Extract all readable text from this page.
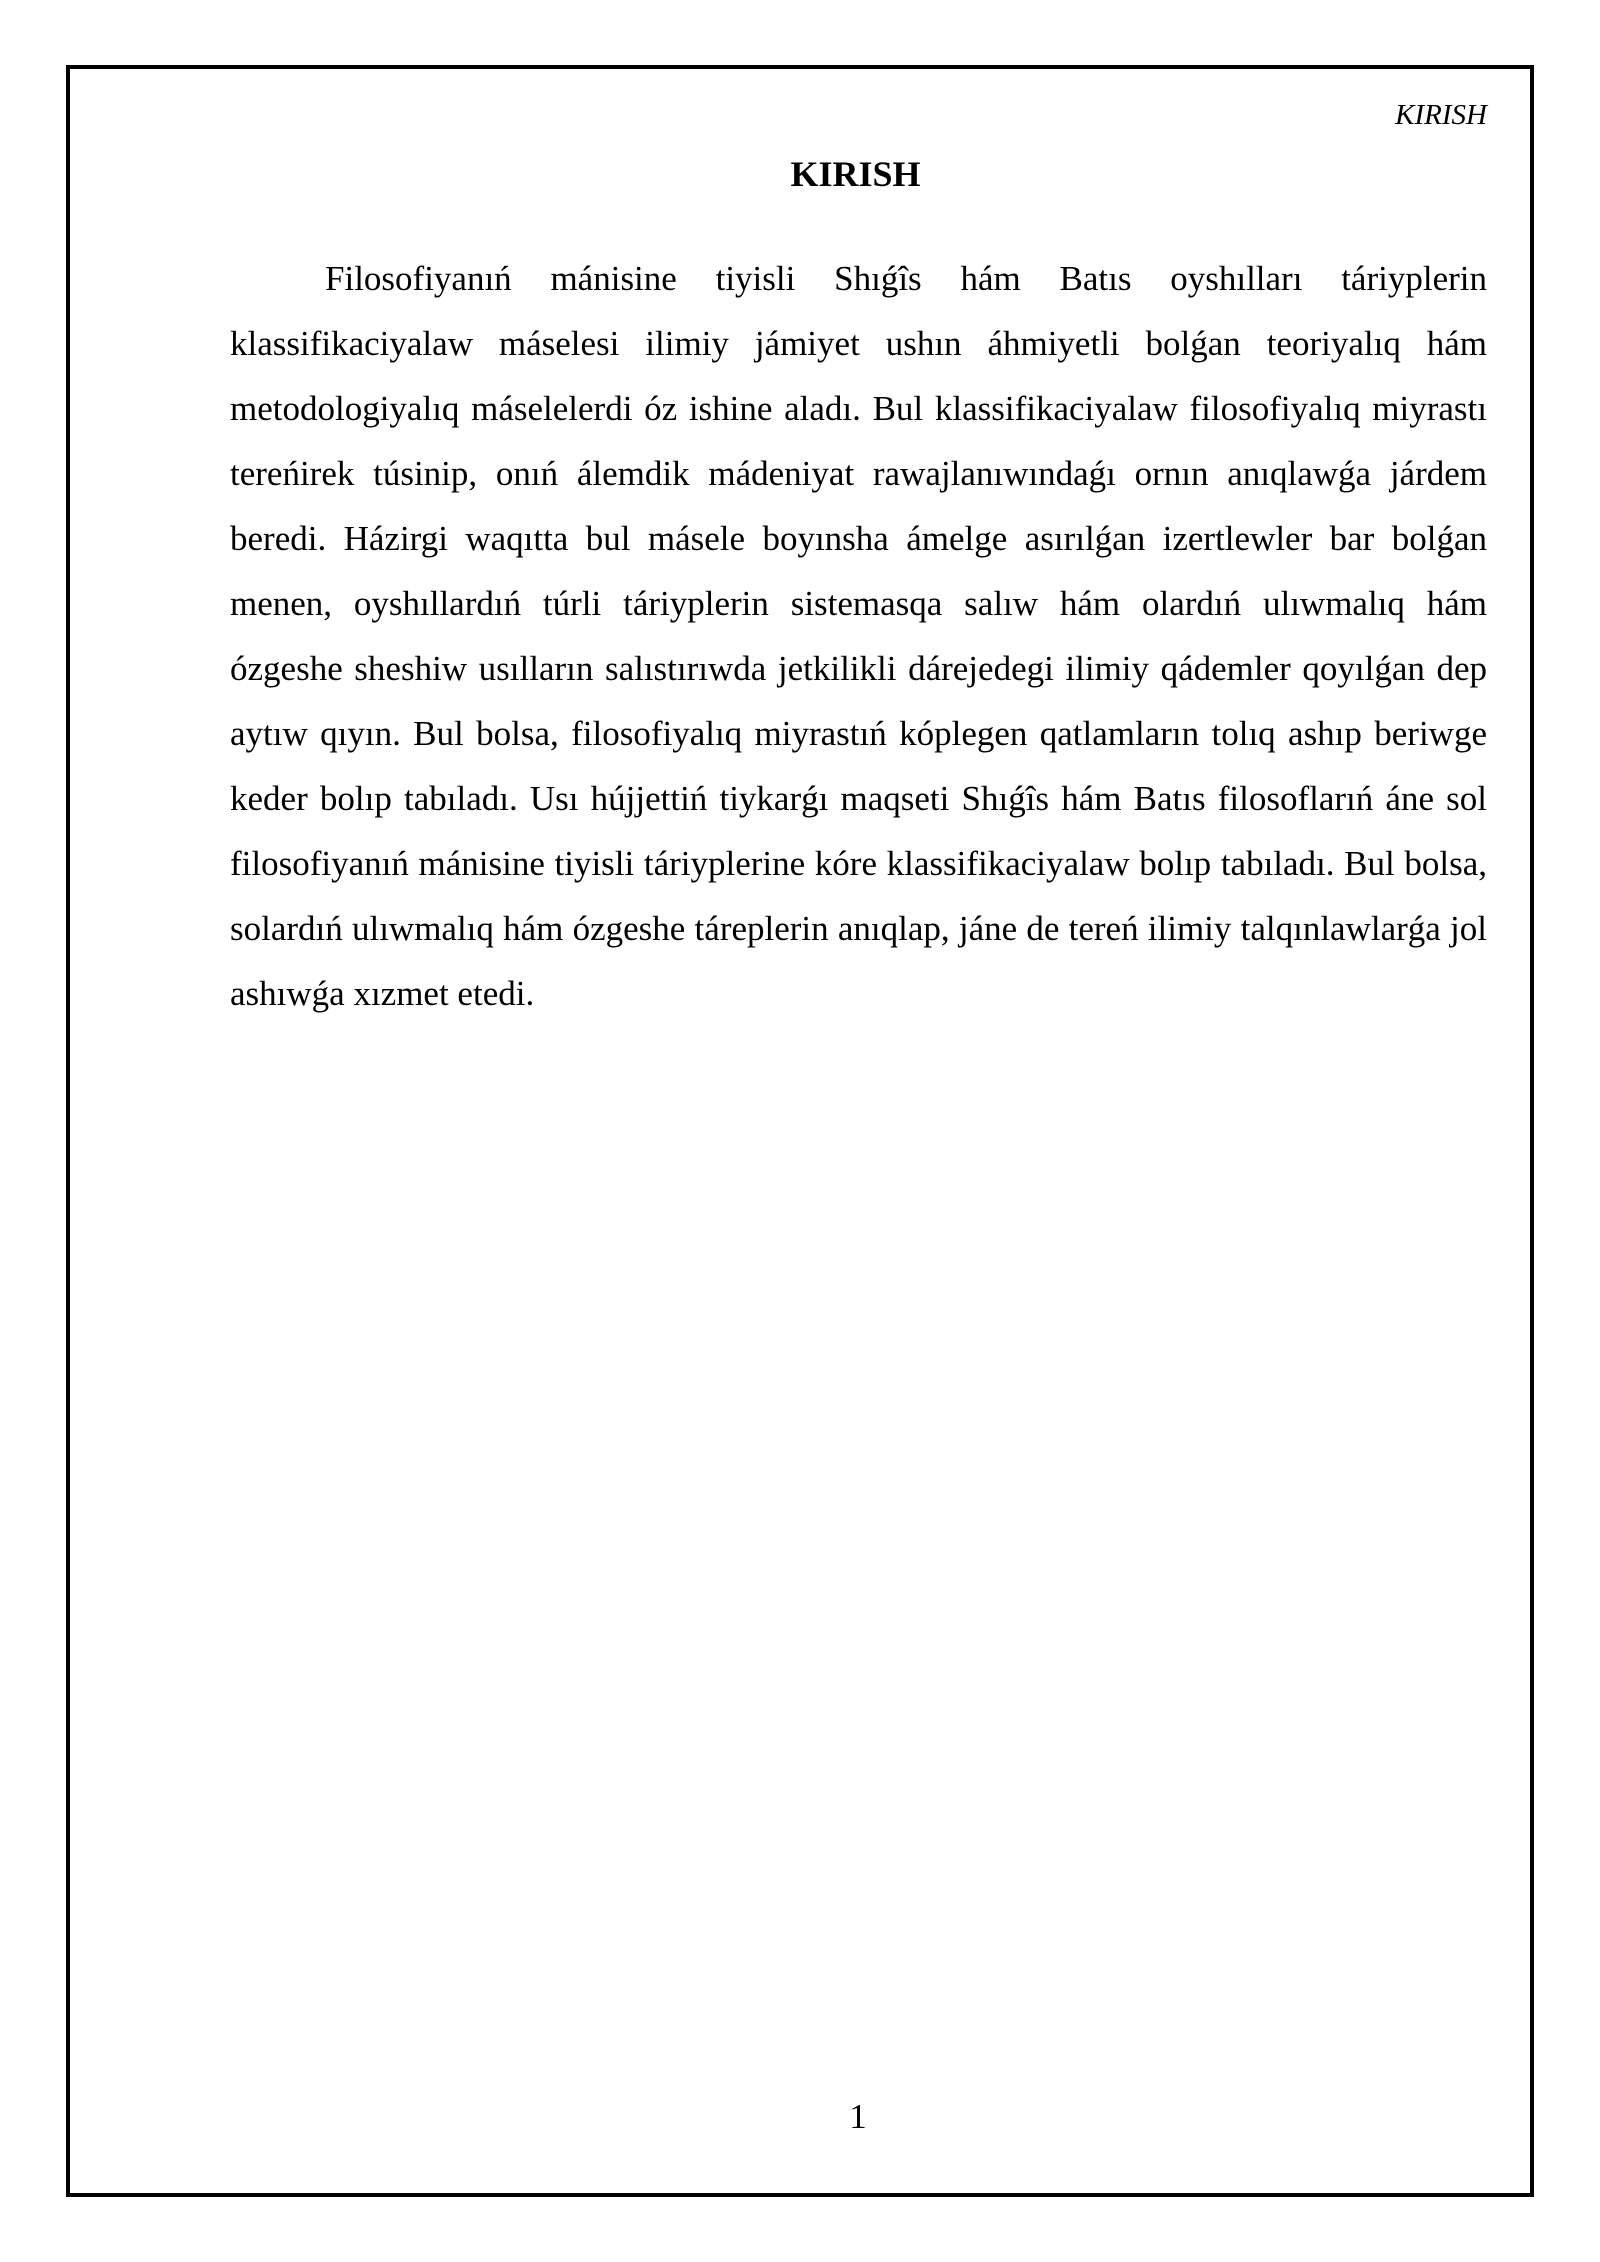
KIRISH
KIRISH

Filosofiyanıń mánisine tiyisli Shıǵîs hám Batıs oyshılları táriyplerin klassifikaciyalaw máselesi ilimiy jámiyet ushın áhmiyetli bolǵan teoriyalıq hám metodologiyalıq máselelerdi óz ishine aladı. Bul klassifikaciyalaw filosofiyalıq miyrastı tereńirek túsinip, onıń álemdik mádeniyat rawajlanıwındaǵı ornın anıqlawǵa járdem beredi. Házirgi waqıtta bul másele boyınsha ámelge asırılǵan izertlewler bar bolǵan menen, oyshıllardıń túrli táriyplerin sistemasqa salıw hám olardıń ulıwmalıq hám ózgeshe sheshiw usılların salıstırıwda jetkilikli dárejedegi ilimiy qádemler qoyılǵan dep aytıw qıyın. Bul bolsa, filosofiyalıq miyrastıń kóplegen qatlamların tolıq ashıp beriwge keder bolıp tabıladı. Usı hújjettiń tiykarǵı maqseti Shıǵîs hám Batıs filosoflarıń áne sol filosofiyanıń mánisine tiyisli táriyplerine kóre klassifikaciyalaw bolıp tabıladı. Bul bolsa, solardıń ulıwmalıq hám ózgeshe táreplerin anıqlap, jáne de tereń ilimiy talqınlawlarǵa jol ashıwǵa xızmet etedi.

1
